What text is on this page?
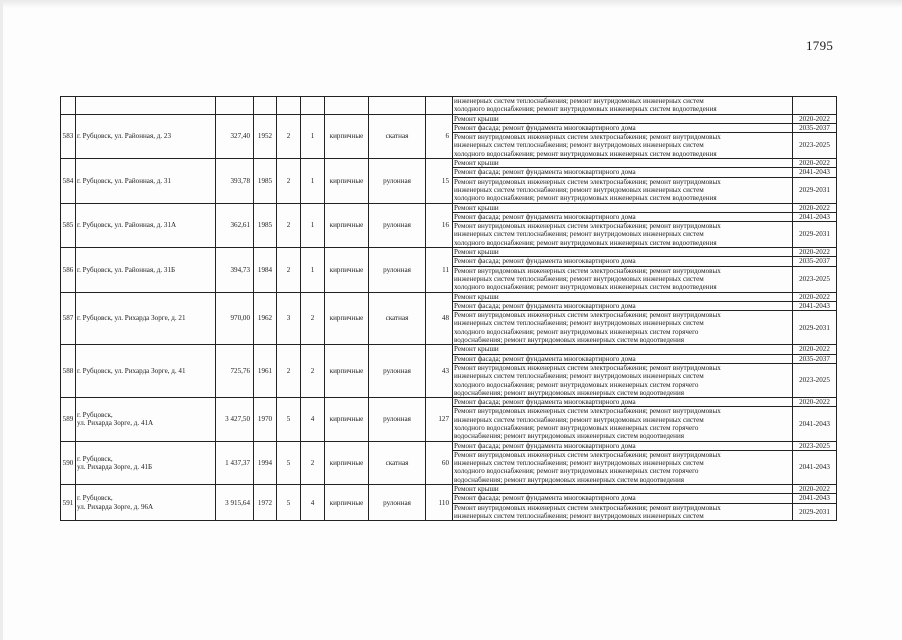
1795
									инженерных систем теплоснабжения; ремонт внутридомовых инженерных систем
холодного водоснабжения; ремонт внутридомовых инженерных систем водоотведения	
583	г. Рубцовск, ул. Районная, д. 23	327,40	1952	2	1	кирпичные	скатная	6	Ремонт крыши	2020-2022
									Ремонт фасада; ремонт фундамента многоквартирного дома	2035-2037
									Ремонт внутридомовых инженерных систем электроснабжения; ремонт внутридомовых
инженерных систем теплоснабжения; ремонт внутридомовых инженерных систем
холодного водоснабжения; ремонт внутридомовых инженерных систем водоотведения	2023-2025
584	г. Рубцовск, ул. Районная, д. 31	393,78	1985	2	1	кирпичные	рулонная	15	Ремонт крыши	2020-2022
									Ремонт фасада; ремонт фундамента многоквартирного дома	2041-2043
									Ремонт внутридомовых инженерных систем электроснабжения; ремонт внутридомовых
инженерных систем теплоснабжения; ремонт внутридомовых инженерных систем
холодного водоснабжения; ремонт внутридомовых инженерных систем водоотведения	2029-2031
585	г. Рубцовск, ул. Районная, д. 31А	362,61	1985	2	1	кирпичные	рулонная	16	Ремонт крыши	2020-2022
									Ремонт фасада; ремонт фундамента многоквартирного дома	2041-2043
									Ремонт внутридомовых инженерных систем электроснабжения; ремонт внутридомовых
инженерных систем теплоснабжения; ремонт внутридомовых инженерных систем
холодного водоснабжения; ремонт внутридомовых инженерных систем водоотведения	2029-2031
586	г. Рубцовск, ул. Районная, д. 31Б	394,73	1984	2	1	кирпичные	рулонная	11	Ремонт крыши	2020-2022
									Ремонт фасада; ремонт фундамента многоквартирного дома	2035-2037
									Ремонт внутридомовых инженерных систем электроснабжения; ремонт внутридомовых
инженерных систем теплоснабжения; ремонт внутридомовых инженерных систем
холодного водоснабжения; ремонт внутридомовых инженерных систем водоотведения	2023-2025
587	г. Рубцовск, ул. Рихарда Зорге, д. 21	970,00	1962	3	2	кирпичные	скатная	48	Ремонт крыши	2020-2022
									Ремонт фасада; ремонт фундамента многоквартирного дома	2041-2043
									Ремонт внутридомовых инженерных систем электроснабжения; ремонт внутридомовых
инженерных систем теплоснабжения; ремонт внутридомовых инженерных систем
холодного водоснабжения; ремонт внутридомовых инженерных систем горячего
водоснабжения; ремонт внутридомовых инженерных систем водоотведения	2029-2031
588	г. Рубцовск, ул. Рихарда Зорге, д. 41	725,76	1961	2	2	кирпичные	рулонная	43	Ремонт крыши	2020-2022
									Ремонт фасада; ремонт фундамента многоквартирного дома	2035-2037
									Ремонт внутридомовых инженерных систем электроснабжения; ремонт внутридомовых
инженерных систем теплоснабжения; ремонт внутридомовых инженерных систем
холодного водоснабжения; ремонт внутридомовых инженерных систем горячего
водоснабжения; ремонт внутридомовых инженерных систем водоотведения	2023-2025
589	г. Рубцовск,
ул. Рихарда Зорге, д. 41А	3 427,50	1970	5	4	кирпичные	рулонная	127	Ремонт фасада; ремонт фундамента многоквартирного дома	2020-2022
									Ремонт внутридомовых инженерных систем электроснабжения; ремонт внутридомовых
инженерных систем теплоснабжения; ремонт внутридомовых инженерных систем
холодного водоснабжения; ремонт внутридомовых инженерных систем горячего
водоснабжения; ремонт внутридомовых инженерных систем водоотведения	2041-2043
590	г. Рубцовск,
ул. Рихарда Зорге, д. 41Б	1 437,37	1994	5	2	кирпичные	скатная	60	Ремонт фасада; ремонт фундамента многоквартирного дома	2023-2025
									Ремонт внутридомовых инженерных систем электроснабжения; ремонт внутридомовых
инженерных систем теплоснабжения; ремонт внутридомовых инженерных систем
холодного водоснабжения; ремонт внутридомовых инженерных систем горячего
водоснабжения; ремонт внутридомовых инженерных систем водоотведения	2041-2043
591	г. Рубцовск,
ул. Рихарда Зорге, д. 96А	3 915,64	1972	5	4	кирпичные	рулонная	110	Ремонт крыши	2020-2022
									Ремонт фасада; ремонт фундамента многоквартирного дома	2041-2043
									Ремонт внутридомовых инженерных систем электроснабжения; ремонт внутридомовых
инженерных систем теплоснабжения; ремонт внутридомовых инженерных систем	2029-2031
